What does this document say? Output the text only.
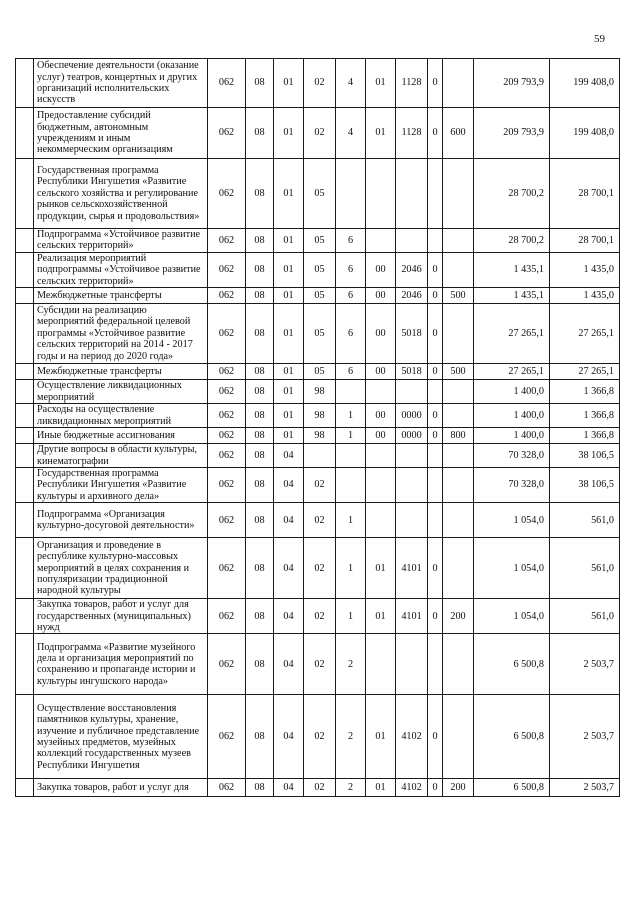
59
	Обеспечение деятельности (оказание услуг) театров, концертных и других организаций исполнительских искусств	062	08	01	02	4	01	1128	0		209 793,9	199 408,0
	Предоставление субсидий бюджетным, автономным учреждениям и иным некоммерческим организациям	062	08	01	02	4	01	1128	0	600	209 793,9	199 408,0
	Государственная программа Республики Ингушетия «Развитие сельского хозяйства и регулирование рынков сельскохозяйственной продукции, сырья и продовольствия»	062	08	01	05						28 700,2	28 700,1
	Подпрограмма «Устойчивое развитие сельских территорий»	062	08	01	05	6					28 700,2	28 700,1
	Реализация мероприятий подпрограммы «Устойчивое развитие сельских территорий»	062	08	01	05	6	00	2046	0		1 435,1	1 435,0
	Межбюджетные трансферты	062	08	01	05	6	00	2046	0	500	1 435,1	1 435,0
	Субсидии на реализацию мероприятий федеральной целевой программы «Устойчивое развитие сельских территорий на 2014 - 2017 годы и на период до 2020 года»	062	08	01	05	6	00	5018	0		27 265,1	27 265,1
	Межбюджетные трансферты	062	08	01	05	6	00	5018	0	500	27 265,1	27 265,1
	Осуществление ликвидационных мероприятий	062	08	01	98						1 400,0	1 366,8
	Расходы на осуществление ликвидационных мероприятий	062	08	01	98	1	00	0000	0		1 400,0	1 366,8
	Иные бюджетные ассигнования	062	08	01	98	1	00	0000	0	800	1 400,0	1 366,8
	Другие вопросы в области культуры, кинематографии	062	08	04							70 328,0	38 106,5
	Государственная программа Республики Ингушетия «Развитие культуры и архивного дела»	062	08	04	02						70 328,0	38 106,5
	Подпрограмма «Организация культурно-досуговой деятельности»	062	08	04	02	1					1 054,0	561,0
	Организация и проведение в республике культурно-массовых мероприятий в целях сохранения и популяризации традиционной народной культуры	062	08	04	02	1	01	4101	0		1 054,0	561,0
	Закупка товаров, работ и услуг для государственных (муниципальных) нужд	062	08	04	02	1	01	4101	0	200	1 054,0	561,0
	Подпрограмма «Развитие музейного дела и организация мероприятий по сохранению и пропаганде истории и культуры ингушского народа»	062	08	04	02	2					6 500,8	2 503,7
	Осуществление восстановления памятников культуры, хранение, изучение и публичное представление музейных предметов, музейных коллекций государственных музеев Республики Ингушетия	062	08	04	02	2	01	4102	0		6 500,8	2 503,7
	Закупка товаров, работ и услуг для	062	08	04	02	2	01	4102	0	200	6 500,8	2 503,7
